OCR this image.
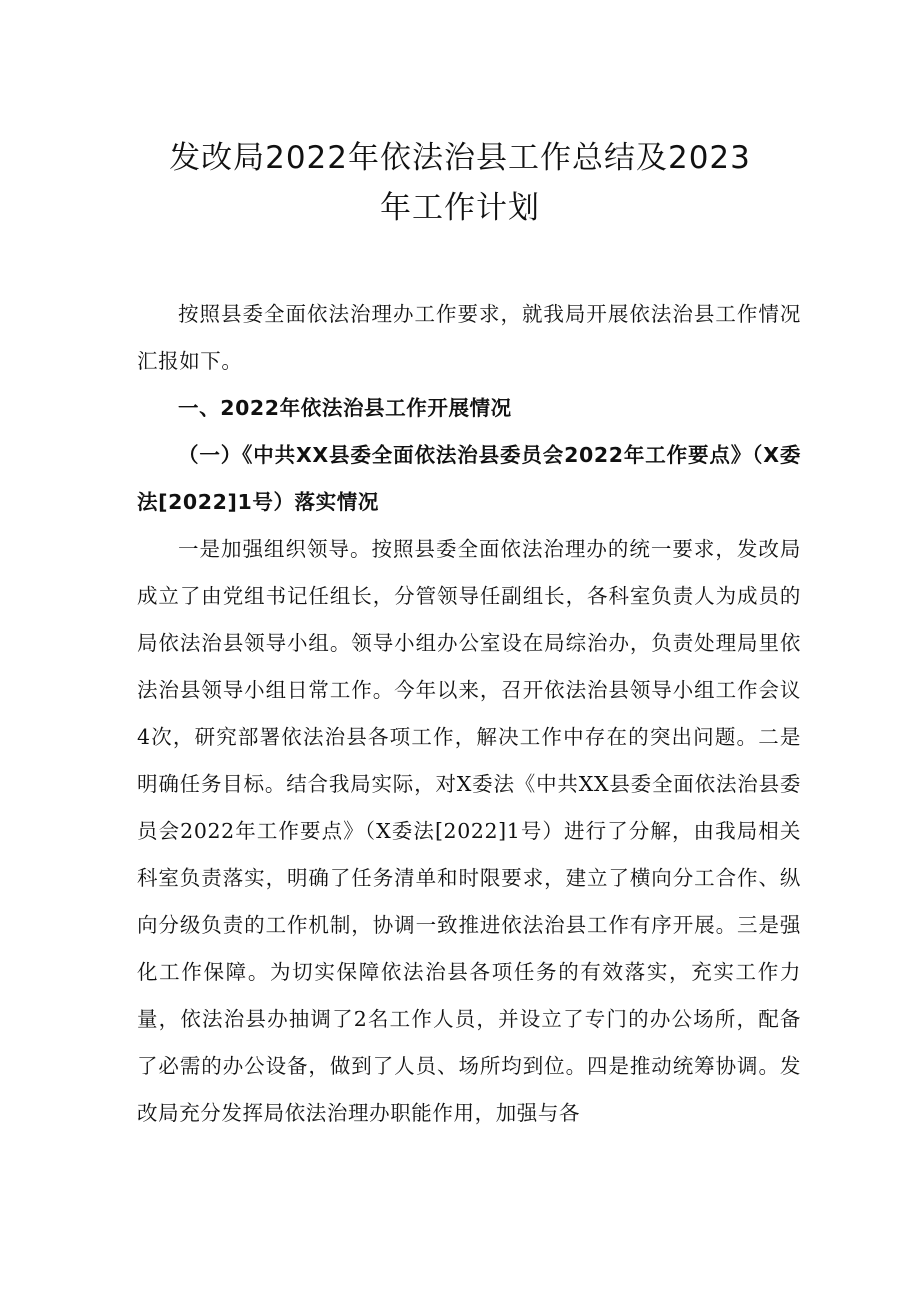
发改局2022年依法治县工作总结及2023
年工作计划

按照县委全面依法治理办工作要求，就我局开展依法治县工作情况汇报如下。

一、2022年依法治县工作开展情况

（一）《中共XX县委全面依法治县委员会2022年工作要点》（X委法[2022]1号）落实情况

一是加强组织领导。按照县委全面依法治理办的统一要求，发改局成立了由党组书记任组长，分管领导任副组长，各科室负责人为成员的局依法治县领导小组。领导小组办公室设在局综治办，负责处理局里依法治县领导小组日常工作。今年以来，召开依法治县领导小组工作会议4次，研究部署依法治县各项工作，解决工作中存在的突出问题。二是明确任务目标。结合我局实际，对X委法《中共XX县委全面依法治县委员会2022年工作要点》（X委法[2022]1号）进行了分解，由我局相关科室负责落实，明确了任务清单和时限要求，建立了横向分工合作、纵向分级负责的工作机制，协调一致推进依法治县工作有序开展。三是强化工作保障。为切实保障依法治县各项任务的有效落实，充实工作力量，依法治县办抽调了2名工作人员，并设立了专门的办公场所，配备了必需的办公设备，做到了人员、场所均到位。四是推动统筹协调。发改局充分发挥局依法治理办职能作用，加强与各
